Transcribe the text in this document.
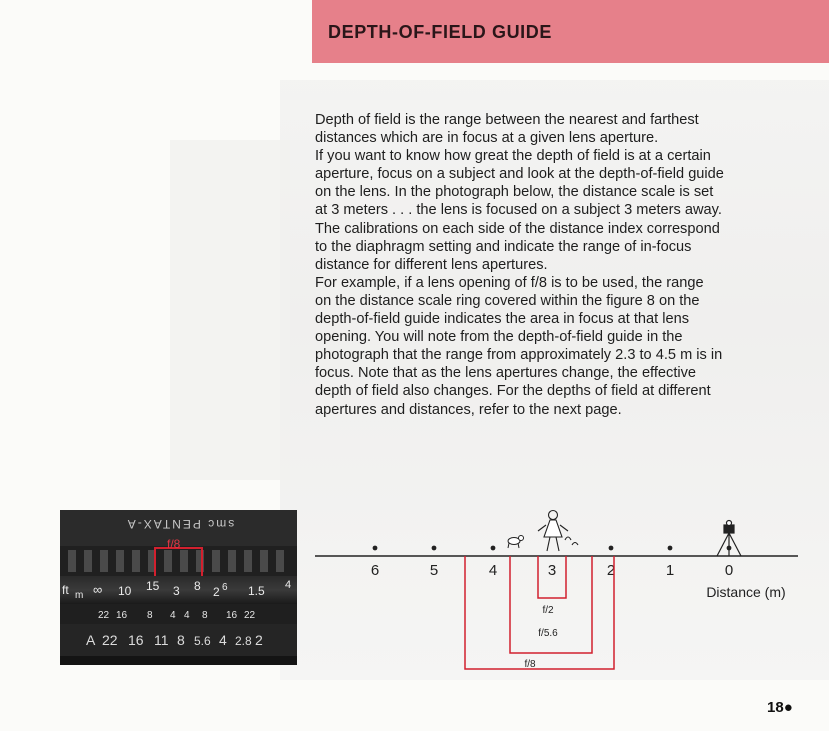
DEPTH-OF-FIELD GUIDE
Depth of field is the range between the nearest and farthest
distances which are in focus at a given lens aperture.
If you want to know how great the depth of field is at a certain
aperture, focus on a subject and look at the depth-of-field guide
on the lens. In the photograph below, the distance scale is set
at 3 meters . . . the lens is focused on a subject 3 meters away.
The calibrations on each side of the distance index correspond
to the diaphragm setting and indicate the range of in-focus
distance for different lens apertures.
For example, if a lens opening of f/8 is to be used, the range
on the distance scale ring covered within the figure 8 on the
depth-of-field guide indicates the area in focus at that lens
opening. You will note from the depth-of-field guide in the
photograph that the range from approximately 2.3 to 4.5 m is in
focus. Note that as the lens apertures change, the effective
depth of field also changes. For the depths of field at different
apertures and distances, refer to the next page.
smc PENTAX-A
f/8
ft m ∞ 10 15 3 8 2 6 1.5 4
22 16 8 4 4 8 16 22
A 22 16 11 8 5.6 4 2.8 2
6	5	4	3	2	1	0
Distance (m)
f/2
f/5.6
f/8
18●
